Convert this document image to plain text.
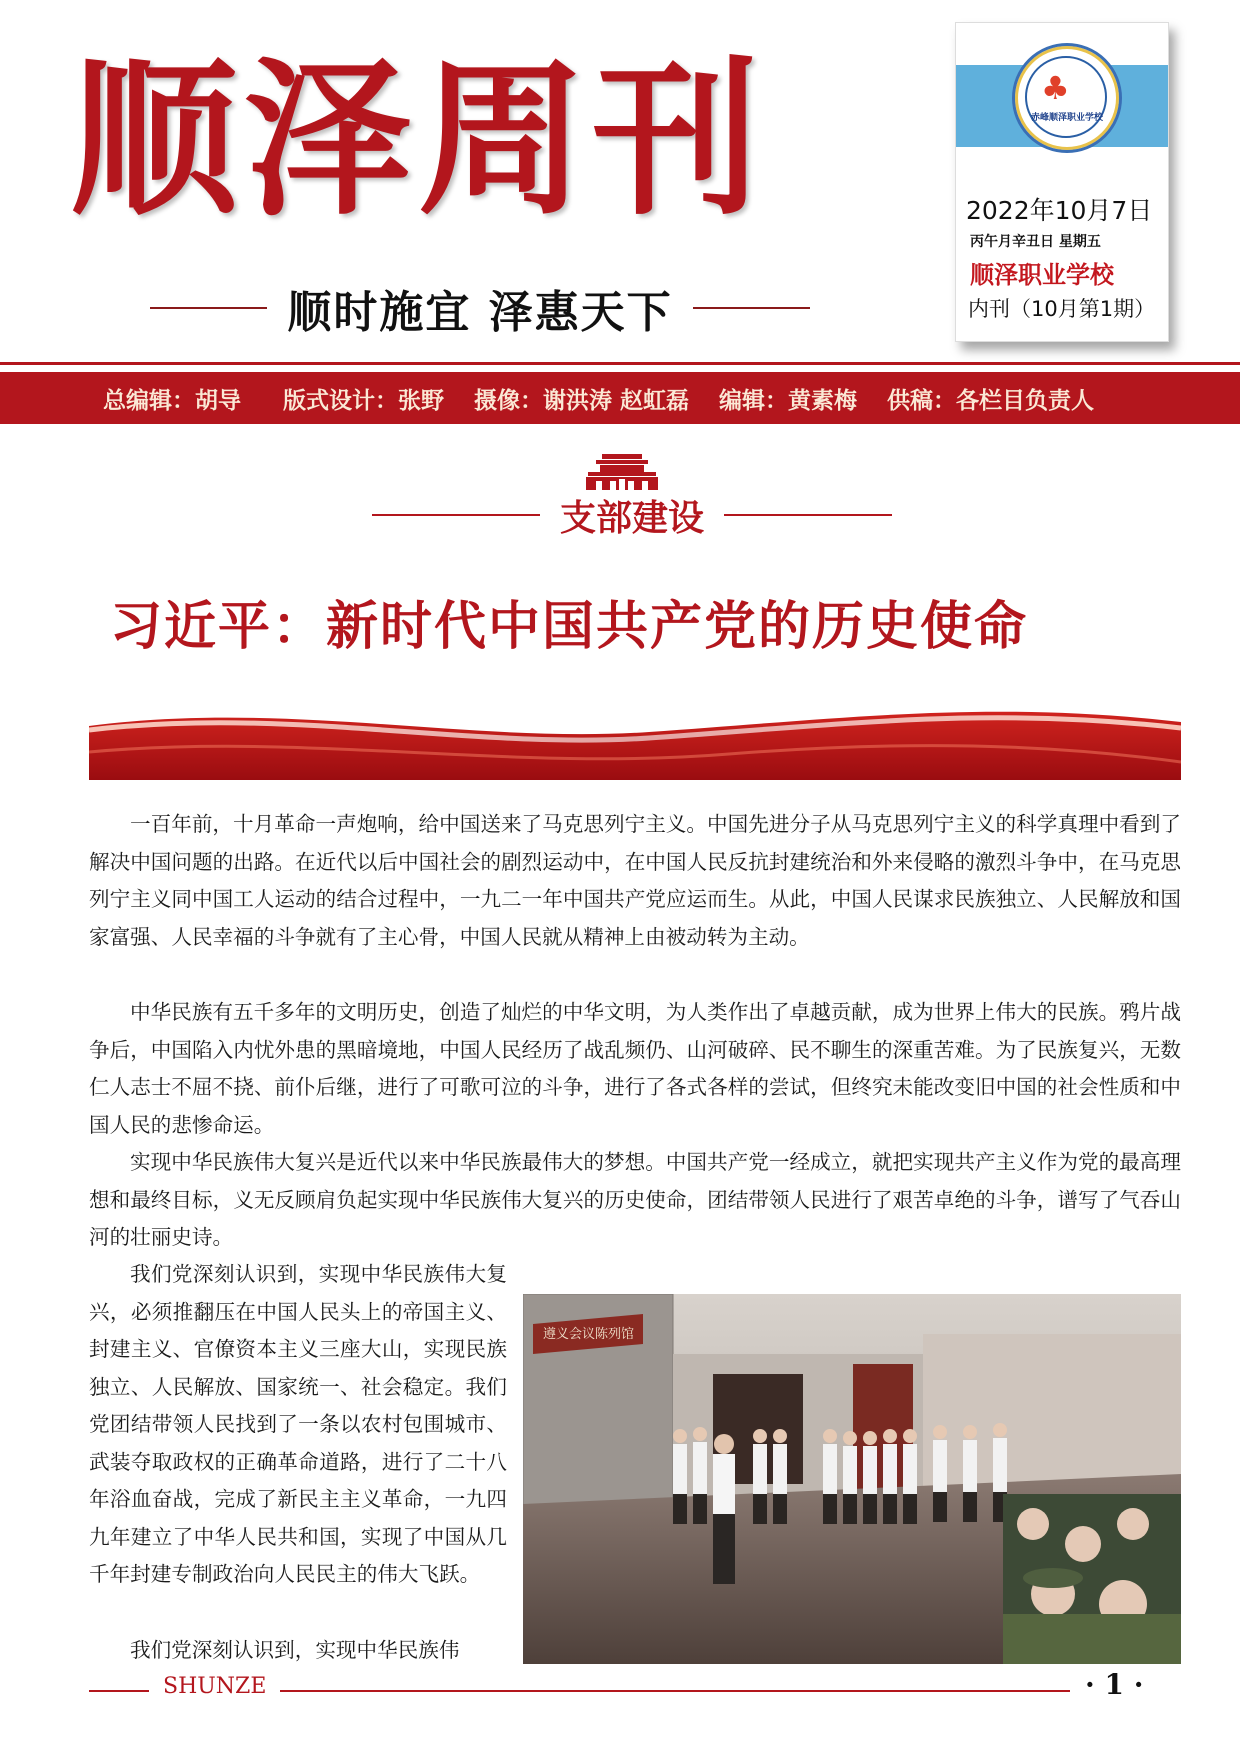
顺泽周刊
顺时施宜 泽惠天下
♣
赤峰顺泽职业学校
2022年10月7日
丙午月辛丑日 星期五
顺泽职业学校
内刊（10月第1期）
总编辑：胡导 版式设计：张野 摄像：谢洪涛 赵虹磊 编辑：黄素梅 供稿：各栏目负责人
支部建设
习近平：新时代中国共产党的历史使命

一百年前，十月革命一声炮响，给中国送来了马克思列宁主义。中国先进分子从马克思列宁主义的科学真理中看到了解决中国问题的出路。在近代以后中国社会的剧烈运动中，在中国人民反抗封建统治和外来侵略的激烈斗争中，在马克思列宁主义同中国工人运动的结合过程中，一九二一年中国共产党应运而生。从此，中国人民谋求民族独立、人民解放和国家富强、人民幸福的斗争就有了主心骨，中国人民就从精神上由被动转为主动。

中华民族有五千多年的文明历史，创造了灿烂的中华文明，为人类作出了卓越贡献，成为世界上伟大的民族。鸦片战争后，中国陷入内忧外患的黑暗境地，中国人民经历了战乱频仍、山河破碎、民不聊生的深重苦难。为了民族复兴，无数仁人志士不屈不挠、前仆后继，进行了可歌可泣的斗争，进行了各式各样的尝试，但终究未能改变旧中国的社会性质和中国人民的悲惨命运。

实现中华民族伟大复兴是近代以来中华民族最伟大的梦想。中国共产党一经成立，就把实现共产主义作为党的最高理想和最终目标，义无反顾肩负起实现中华民族伟大复兴的历史使命，团结带领人民进行了艰苦卓绝的斗争，谱写了气吞山河的壮丽史诗。

我们党深刻认识到，实现中华民族伟大复兴，必须推翻压在中国人民头上的帝国主义、封建主义、官僚资本主义三座大山，实现民族独立、人民解放、国家统一、社会稳定。我们党团结带领人民找到了一条以农村包围城市、武装夺取政权的正确革命道路，进行了二十八年浴血奋战，完成了新民主主义革命，一九四九年建立了中华人民共和国，实现了中国从几千年封建专制政治向人民民主的伟大飞跃。

我们党深刻认识到，实现中华民族伟

遵义会议陈列馆
SHUNZE	· 1 ·
